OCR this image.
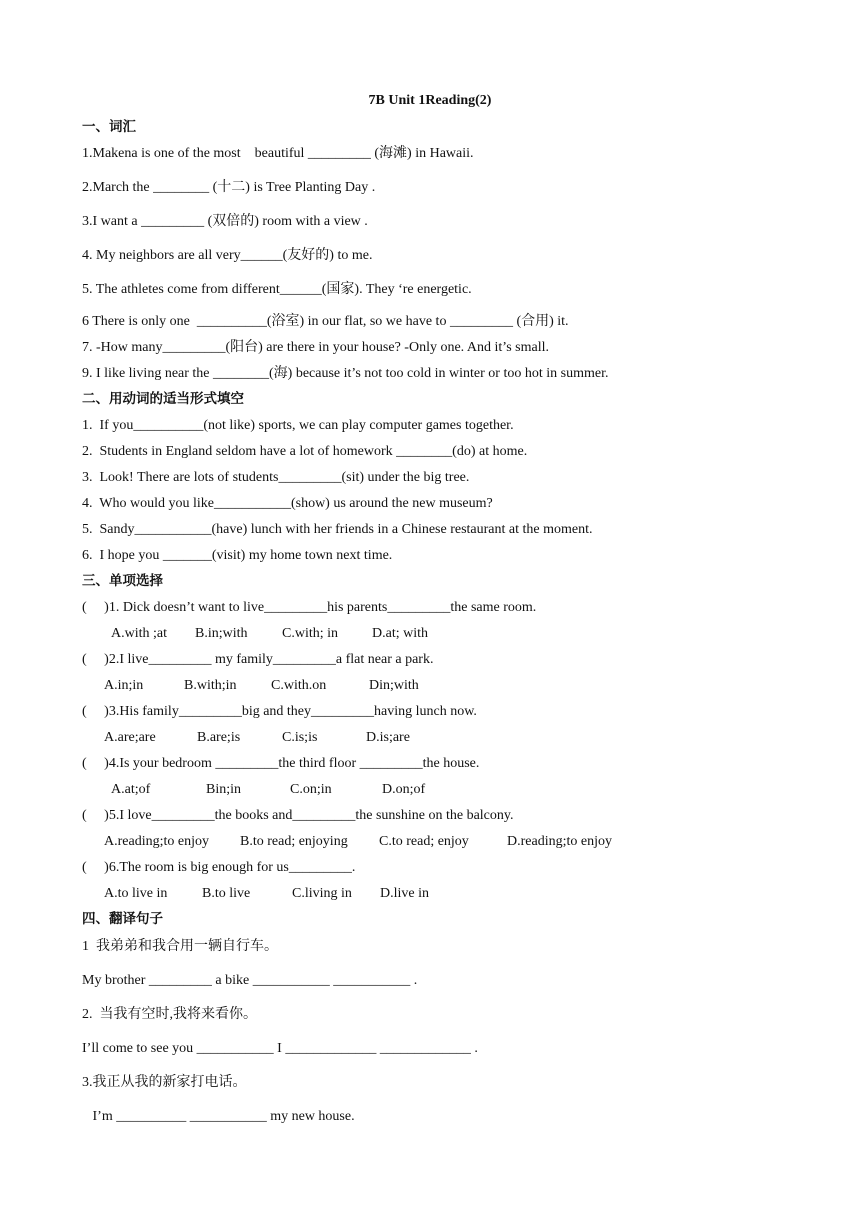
7B Unit 1Reading(2)
一、词汇
1.Makena is one of the most    beautiful _________ (海滩) in Hawaii.
2.March the ________ (十二) is Tree Planting Day .
3.I want a _________ (双倍的) room with a view .
4. My neighbors are all very______(友好的) to me.
5. The athletes come from different______(国家). They ‘re energetic.
6 There is only one  __________(浴室) in our flat, so we have to _________ (合用) it.
7. -How many_________(阳台) are there in your house? -Only one. And it’s small.
9. I like living near the ________(海) because it’s not too cold in winter or too hot in summer.
二、用动词的适当形式填空
1.  If you__________(not like) sports, we can play computer games together.
2.  Students in England seldom have a lot of homework ________(do) at home.
3.  Look! There are lots of students_________(sit) under the big tree.
4.  Who would you like___________(show) us around the new museum?
5.  Sandy___________(have) lunch with her friends in a Chinese restaurant at the moment.
6.  I hope you _______(visit) my home town next time.
三、单项选择
(     )1. Dick doesn’t want to live_________his parents_________the same room.
A.with ;at B.in;with C.with; in D.at; with
(     )2.I live_________ my family_________a flat near a park.
A.in;in	B.with;in C.with.on	Din;with
(     )3.His family_________big and they_________having lunch now.
A.are;are	B.are;is	C.is;is	D.is;are
(     )4.Is your bedroom _________the third floor _________the house.
A.at;of	Bin;in	C.on;in	D.on;of
(     )5.I love_________the books and_________the sunshine on the balcony.
A.reading;to enjoy B.to read; enjoying C.to read; enjoy	D.reading;to enjoy
(     )6.The room is big enough for us_________.
A.to live in B.to live	C.living in D.live in
四、翻译句子
1  我弟弟和我合用一辆自行车。
My brother _________ a bike ___________ ___________ .
2.  当我有空时,我将来看你。
I’ll come to see you ___________ I _____________ _____________ .
3.我正从我的新家打电话。
I’m __________ ___________ my new house.
